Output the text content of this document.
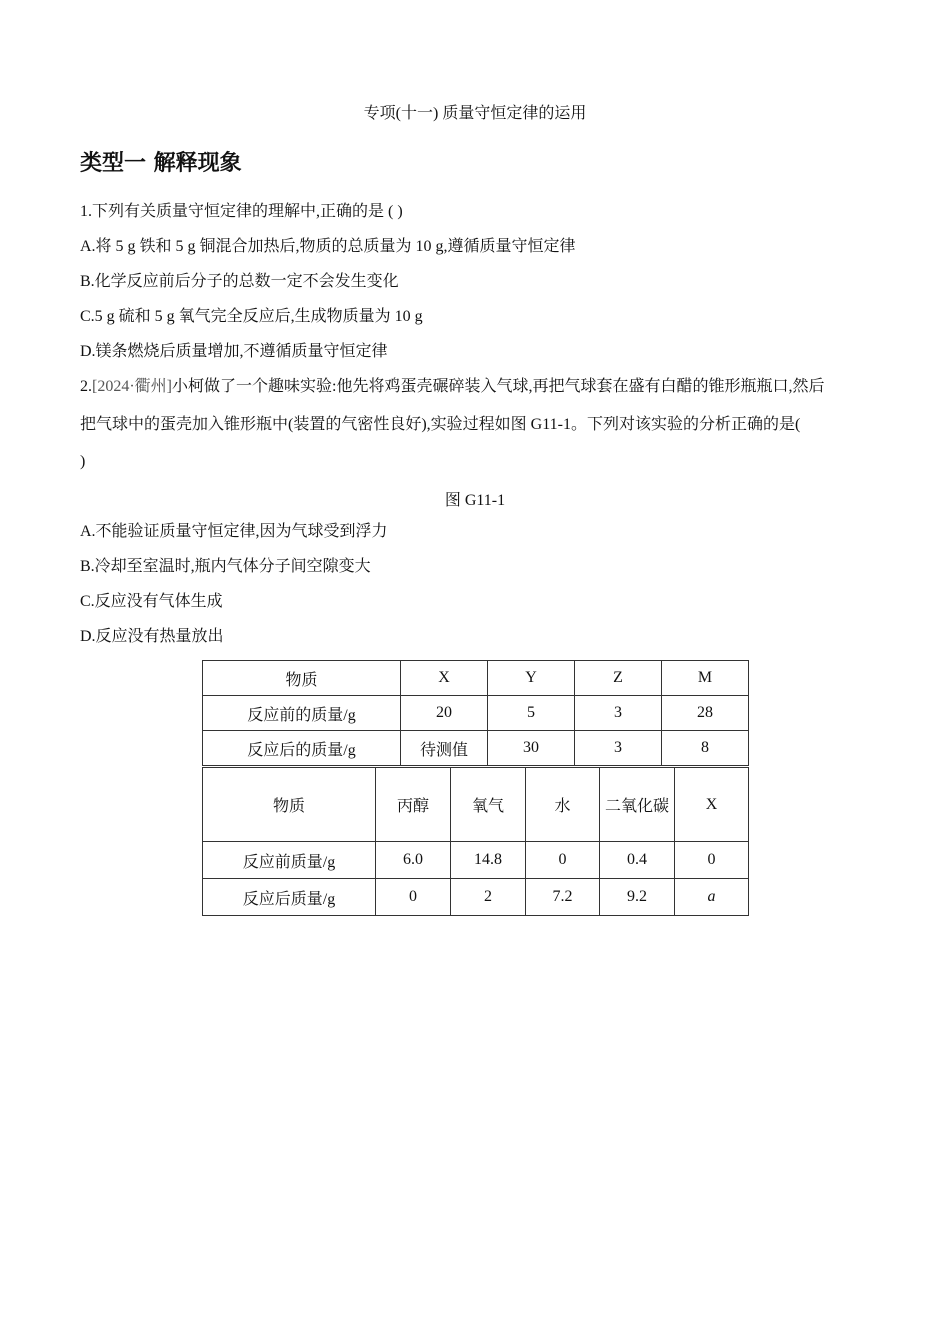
专项(十一) 质量守恒定律的运用
类型一 解释现象
1.下列有关质量守恒定律的理解中,正确的是 ( )
A.将 5 g 铁和 5 g 铜混合加热后,物质的总质量为 10 g,遵循质量守恒定律
B.化学反应前后分子的总数一定不会发生变化
C.5 g 硫和 5 g 氧气完全反应后,生成物质量为 10 g
D.镁条燃烧后质量增加,不遵循质量守恒定律
2.[2024·衢州]小柯做了一个趣味实验:他先将鸡蛋壳碾碎装入气球,再把气球套在盛有白醋的锥形瓶瓶口,然后
把气球中的蛋壳加入锥形瓶中(装置的气密性良好),实验过程如图 G11-1。下列对该实验的分析正确的是(
)
图 G11-1
A.不能验证质量守恒定律,因为气球受到浮力
B.冷却至室温时,瓶内气体分子间空隙变大
C.反应没有气体生成
D.反应没有热量放出
物质	X	Y	Z	M
反应前的质量/g	20	5	3	28
反应后的质量/g	待测值	30	3	8
物质	丙醇	氧气	水	二氧化碳	X
反应前质量/g	6.0	14.8	0	0.4	0
反应后质量/g	0	2	7.2	9.2	a
